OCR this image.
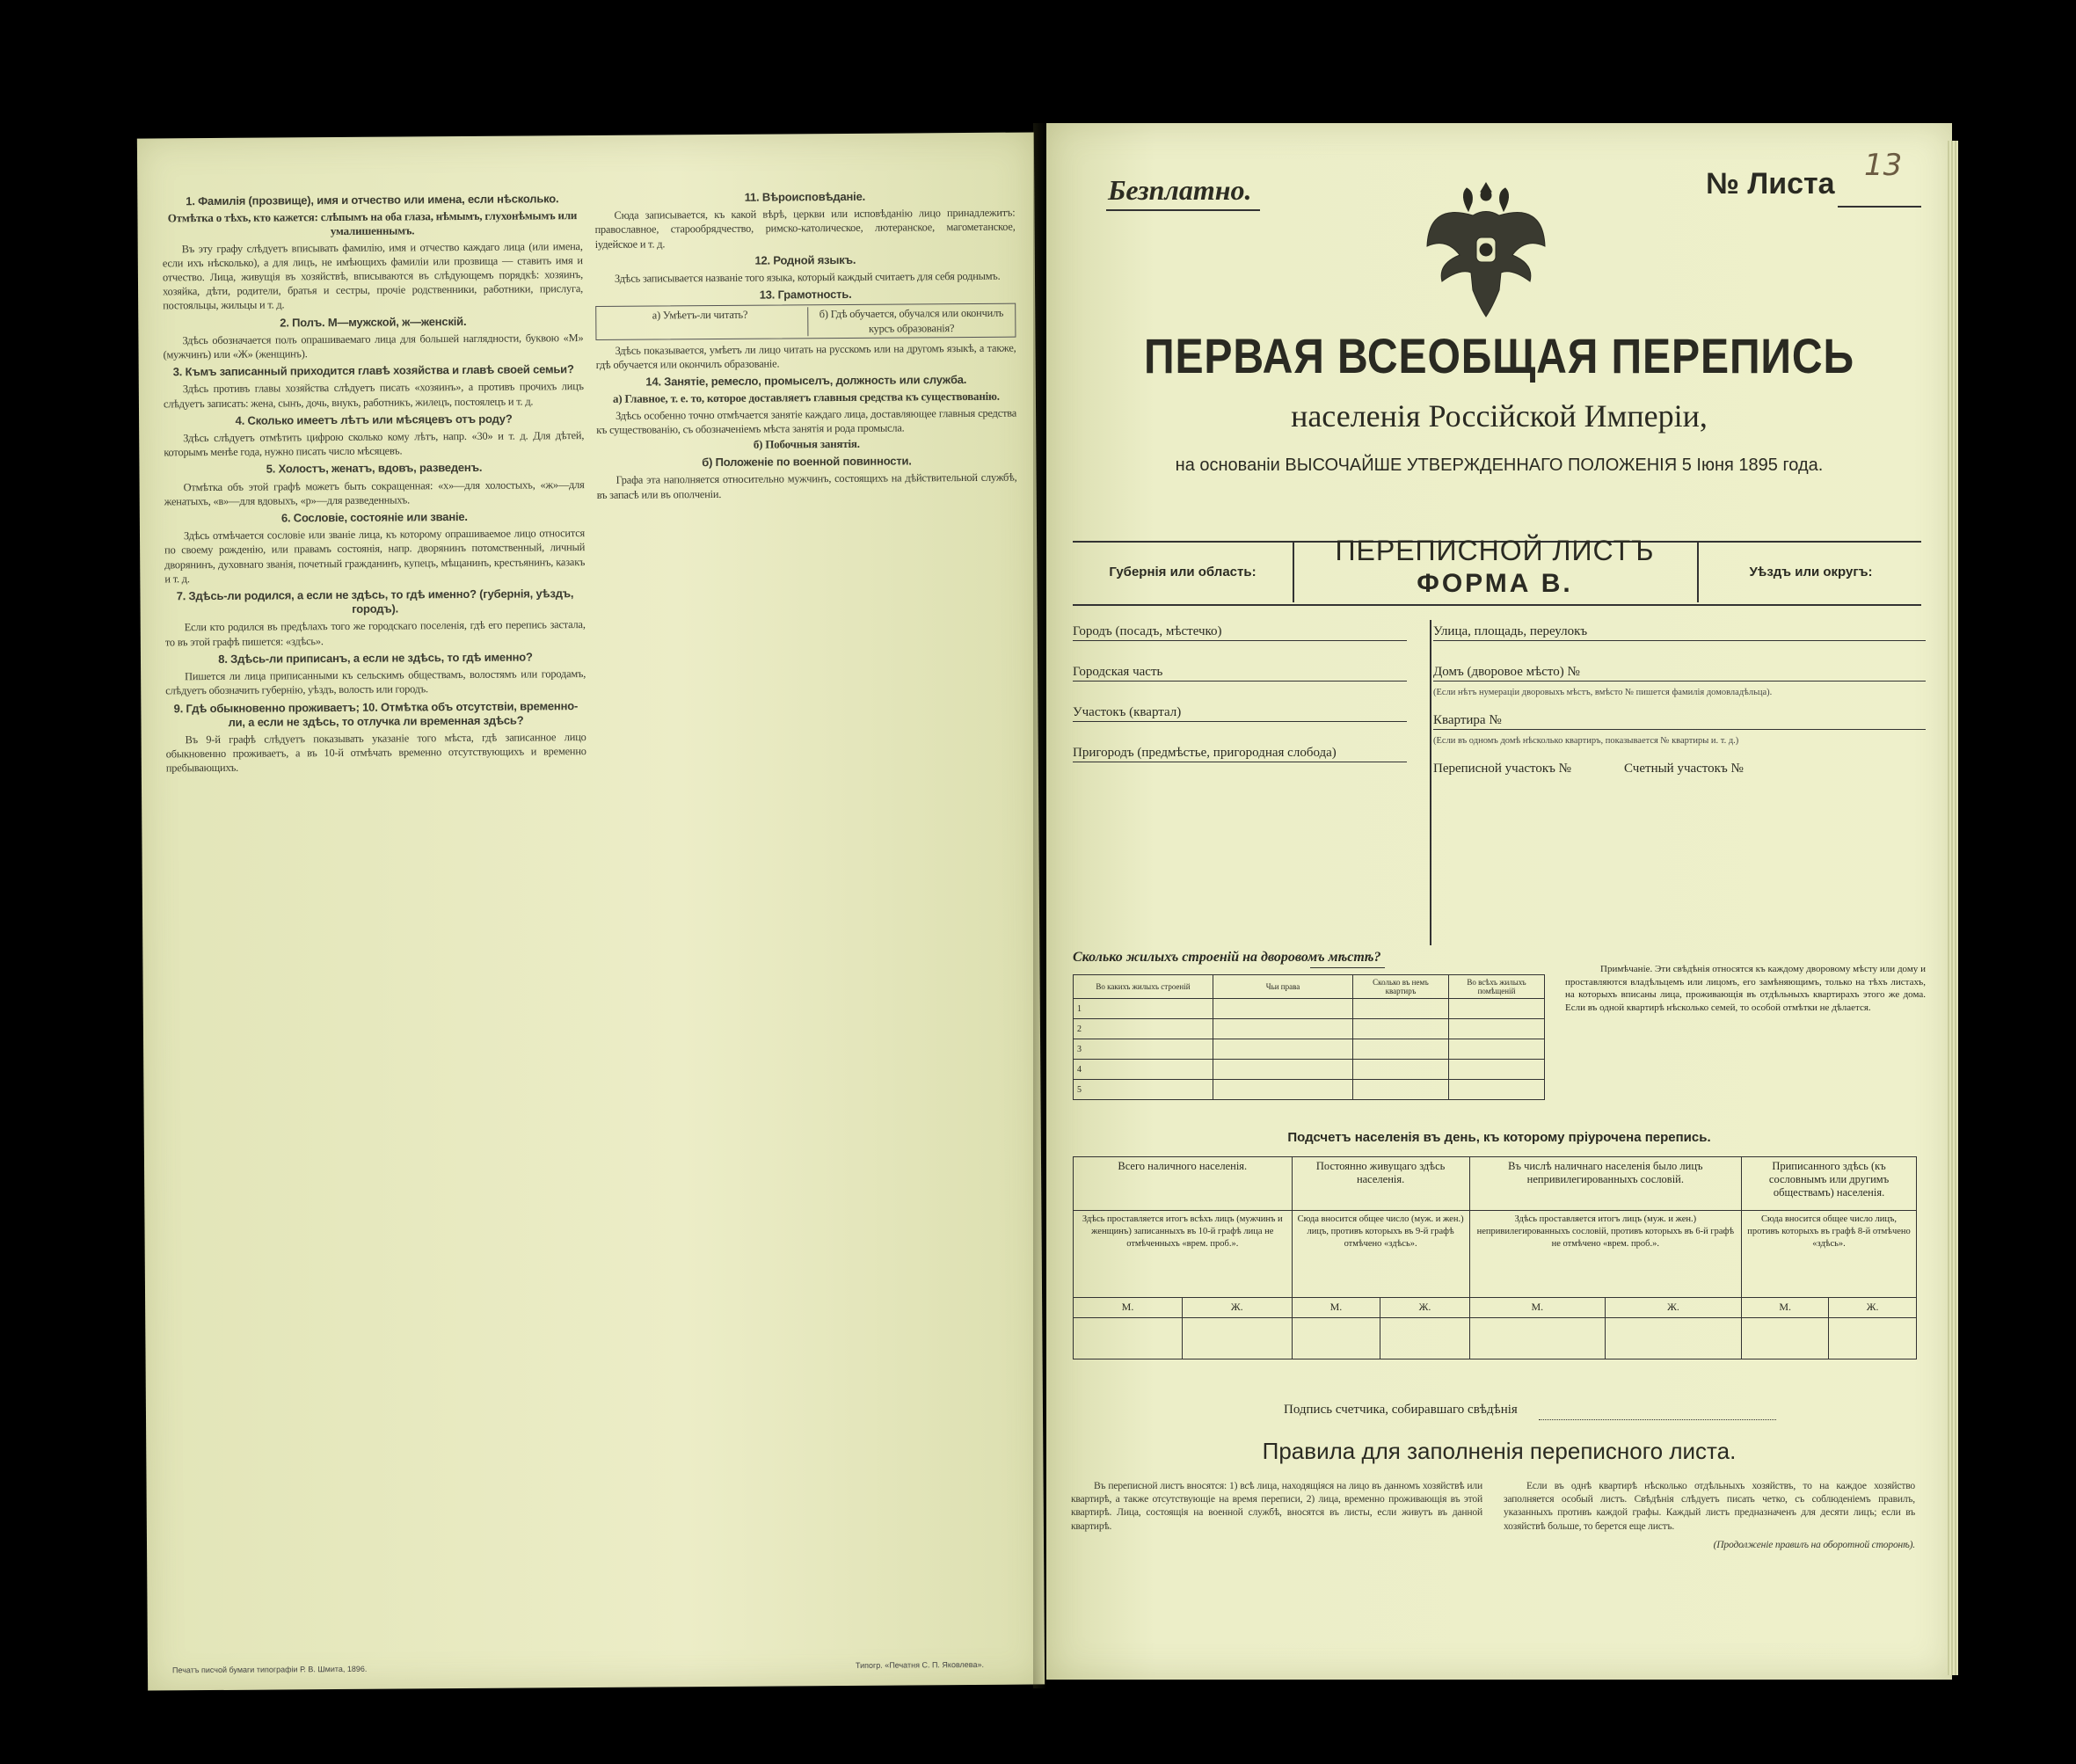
1. Фамилія (прозвище), имя и отчество или имена, если нѣсколько.
Отмѣтка о тѣхъ, кто кажется: слѣпымъ на оба глаза, нѣмымъ, глухонѣмымъ или умалишеннымъ.

Въ эту графу слѣдуетъ вписывать фамилію, имя и отчество каждаго лица (или имена, если ихъ нѣсколько), а для лицъ, не имѣющихъ фамиліи или прозвища — ставить имя и отчество. Лица, живущія въ хозяйствѣ, вписываются въ слѣдующемъ порядкѣ: хозяинъ, хозяйка, дѣти, родители, братья и сестры, прочіе родственники, работники, прислуга, постояльцы, жильцы и т. д.

2. Полъ. М—мужской, ж—женскій.

Здѣсь обозначается полъ опрашиваемаго лица для большей наглядности, буквою «М» (мужчинъ) или «Ж» (женщинъ).

3. Къмъ записанный приходится главѣ хозяйства и главѣ своей семьи?

Здѣсь противъ главы хозяйства слѣдуетъ писать «хозяинъ», а противъ прочихъ лицъ слѣдуетъ записать: жена, сынъ, дочь, внукъ, работникъ, жилецъ, постоялецъ и т. д.

4. Сколько имеетъ лѣтъ или мѣсяцевъ отъ роду?

Здѣсь слѣдуетъ отмѣтить цифрою сколько кому лѣтъ, напр. «30» и т. д. Для дѣтей, которымъ менѣе года, нужно писать число мѣсяцевъ.

5. Холостъ, женатъ, вдовъ, разведенъ.

Отмѣтка объ этой графѣ можетъ быть сокращенная: «х»—для холостыхъ, «ж»—для женатыхъ, «в»—для вдовыхъ, «р»—для разведенныхъ.

6. Сословіе, состояніе или званіе.

Здѣсь отмѣчается сословіе или званіе лица, къ которому опрашиваемое лицо относится по своему рожденію, или правамъ состоянія, напр. дворянинъ потомственный, личный дворянинъ, духовнаго званія, почетный гражданинъ, купецъ, мѣщанинъ, крестьянинъ, казакъ и т. д.

7. Здѣсь-ли родился, а если не здѣсь, то гдѣ именно? (губернія, уѣздъ, городъ).

Если кто родился въ предѣлахъ того же городскаго поселенія, гдѣ его перепись застала, то въ этой графѣ пишется: «здѣсь».

8. Здѣсь-ли приписанъ, а если не здѣсь, то гдѣ именно?

Пишется ли лица приписанными къ сельскимъ обществамъ, волостямъ или городамъ, слѣдуетъ обозначить губернію, уѣздъ, волость или городъ.

9. Гдѣ обыкновенно проживаетъ; 10. Отмѣтка объ отсутствіи, временно-ли, а если не здѣсь, то отлучка ли временная здѣсь?

Въ 9-й графѣ слѣдуетъ показывать указаніе того мѣста, гдѣ записанное лицо обыкновенно проживаетъ, а въ 10-й отмѣчать временно отсутствующихъ и временно пребывающихъ.

11. Вѣроисповѣданіе.

Сюда записывается, къ какой вѣрѣ, церкви или исповѣданію лицо принадлежитъ: православное, старообрядчество, римско-католическое, лютеранское, магометанское, іудейское и т. д.

12. Родной языкъ.

Здѣсь записывается названіе того языка, который каждый считаетъ для себя роднымъ.

13. Грамотность.
а) Умѣетъ-ли читать?	б) Гдѣ обучается, обучался или окончилъ курсъ образованія?

Здѣсь показывается, умѣетъ ли лицо читать на русскомъ или на другомъ языкѣ, а также, гдѣ обучается или окончилъ образованіе.

14. Занятіе, ремесло, промыселъ, должность или служба.
а) Главное, т. е. то, которое доставляетъ главныя средства къ существованію.

Здѣсь особенно точно отмѣчается занятіе каждаго лица, доставляющее главныя средства къ существованію, съ обозначеніемъ мѣста занятія и рода промысла.

б) Побочныя занятія.
б) Положеніе по военной повинности.

Графа эта наполняется относительно мужчинъ, состоящихъ на дѣйствительной службѣ, въ запасѣ или въ ополченіи.

Печатъ писчой бумаги типографіи Р. В. Шмита, 1896.	Типогр. «Печатня С. П. Яковлева».
Безплатно.	№ Листа
13
ПЕРВАЯ ВСЕОБЩАЯ ПЕРЕПИСЬ
населенія Россійской Имперіи,
на основаніи ВЫСОЧАЙШЕ УТВЕРЖДЕННАГО ПОЛОЖЕНІЯ 5 Іюня 1895 года.
Губернія или область:	Уѣздъ или округъ:
ПЕРЕПИСНОЙ ЛИСТЪ
ФОРМА В.
Городъ (посадъ, мѣстечко)
Городская часть
Участокъ (квартал)
Пригородъ (предмѣстье, пригородная слобода)
Улица, площадь, переулокъ
Домъ (дворовое мѣсто) №
(Если нѣтъ нумераціи дворовыхъ мѣстъ, вмѣсто № пишется фамилія домовладѣльца).
Квартира №
(Если въ одномъ домѣ нѣсколько квартиръ, показывается № квартиры и. т. д.)
Переписной участокъ №	Счетный участокъ №
Сколько жилыхъ строеній на дворовомъ мѣстѣ?
Во какихъ жилыхъ строеній	Чьи права	Сколько въ немъ квартиръ	Во всѣхъ жилыхъ помѣщеній
1			
2			
3			
4			
5			
Примѣчаніе. Эти свѣдѣнія относятся къ каждому дворовому мѣсту или дому и проставляются владѣльцемъ или лицомъ, его замѣняющимъ, только на тѣхъ листахъ, на которыхъ вписаны лица, проживающія въ отдѣльныхъ квартирахъ этого же дома. Если въ одной квартирѣ нѣсколько семей, то особой отмѣтки не дѣлается.
Подсчетъ населенія въ день, къ которому пріурочена перепись.
Всего наличного населенія.		Постоянно живущаго здѣсь населенія.		Въ числѣ наличнаго населенія было лицъ непривилегированныхъ сословій.		Приписанного здѣсь (къ сословнымъ или другимъ обществамъ) населенія.	
Здѣсь проставляется итогъ всѣхъ лицъ (мужчинъ и женщинъ) записанныхъ въ 10-й графѣ лица не отмѣченныхъ «врем. проб.».		Сюда вносится общее число (муж. и жен.) лицъ, противъ которыхъ въ 9-й графѣ отмѣчено «здѣсь».		Здѣсь проставляется итогъ лицъ (муж. и жен.) непривилегированныхъ сословій, противъ которыхъ въ 6-й графѣ не отмѣчено «врем. проб.».		Сюда вносится общее число лицъ, противъ которыхъ въ графѣ 8-й отмѣчено «здѣсь».	
М.	Ж.	М.	Ж.	М.	Ж.	М.	Ж.

Подпись счетчика, собиравшаго свѣдѣнія
Правила для заполненія переписного листа.
Въ переписной листъ вносятся: 1) всѣ лица, находящіяся на лицо въ данномъ хозяйствѣ или квартирѣ, а также отсутствующіе на время переписи, 2) лица, временно проживающія въ этой квартирѣ. Лица, состоящія на военной службѣ, вносятся въ листы, если живутъ въ данной квартирѣ.
Если въ однѣ квартирѣ нѣсколько отдѣльныхъ хозяйствъ, то на каждое хозяйство заполняется особый листъ. Свѣдѣнія слѣдуетъ писать четко, съ соблюденіемъ правилъ, указанныхъ противъ каждой графы. Каждый листъ предназначенъ для десяти лицъ; если въ хозяйствѣ больше, то берется еще листъ.
(Продолженіе правилъ на оборотной сторонѣ).
